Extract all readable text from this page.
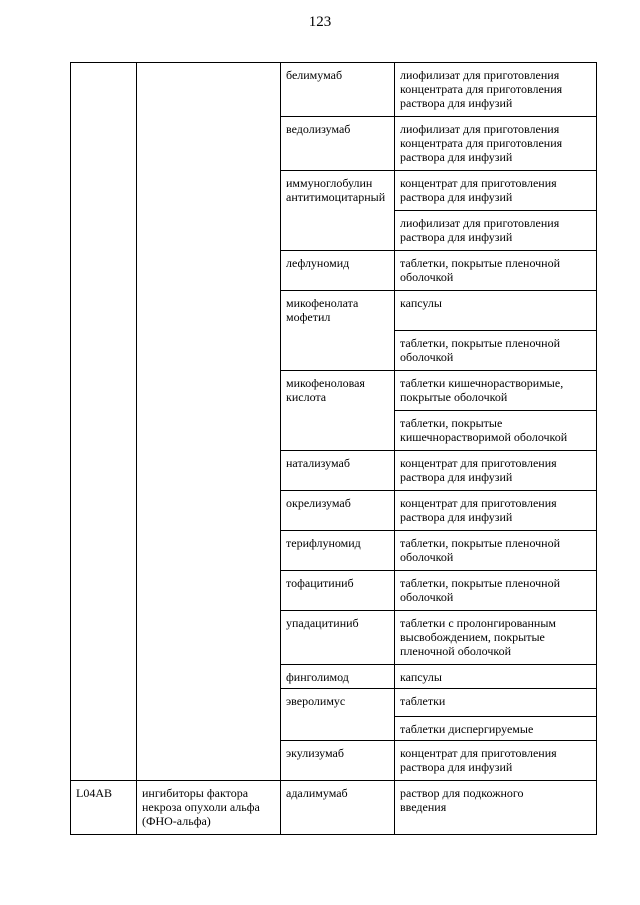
123
		белимумаб	лиофилизат для приготовления
концентрата для приготовления
раствора для инфузий
		ведолизумаб	лиофилизат для приготовления
концентрата для приготовления
раствора для инфузий
		иммуноглобулин
антитимоцитарный	концентрат для приготовления
раствора для инфузий
			лиофилизат для приготовления
раствора для инфузий
		лефлуномид	таблетки, покрытые пленочной
оболочкой
		микофенолата
мофетил	капсулы
			таблетки, покрытые пленочной
оболочкой
		микофеноловая
кислота	таблетки кишечнорастворимые,
покрытые оболочкой
			таблетки, покрытые
кишечнорастворимой оболочкой
		натализумаб	концентрат для приготовления
раствора для инфузий
		окрелизумаб	концентрат для приготовления
раствора для инфузий
		терифлуномид	таблетки, покрытые пленочной
оболочкой
		тофацитиниб	таблетки, покрытые пленочной
оболочкой
		упадацитиниб	таблетки с пролонгированным
высвобождением, покрытые
пленочной оболочкой
		финголимод	капсулы
		эверолимус	таблетки
			таблетки диспергируемые
		экулизумаб	концентрат для приготовления
раствора для инфузий
L04AB	ингибиторы фактора некроза опухоли альфа (ФНО-альфа)	адалимумаб	раствор для подкожного
введения
